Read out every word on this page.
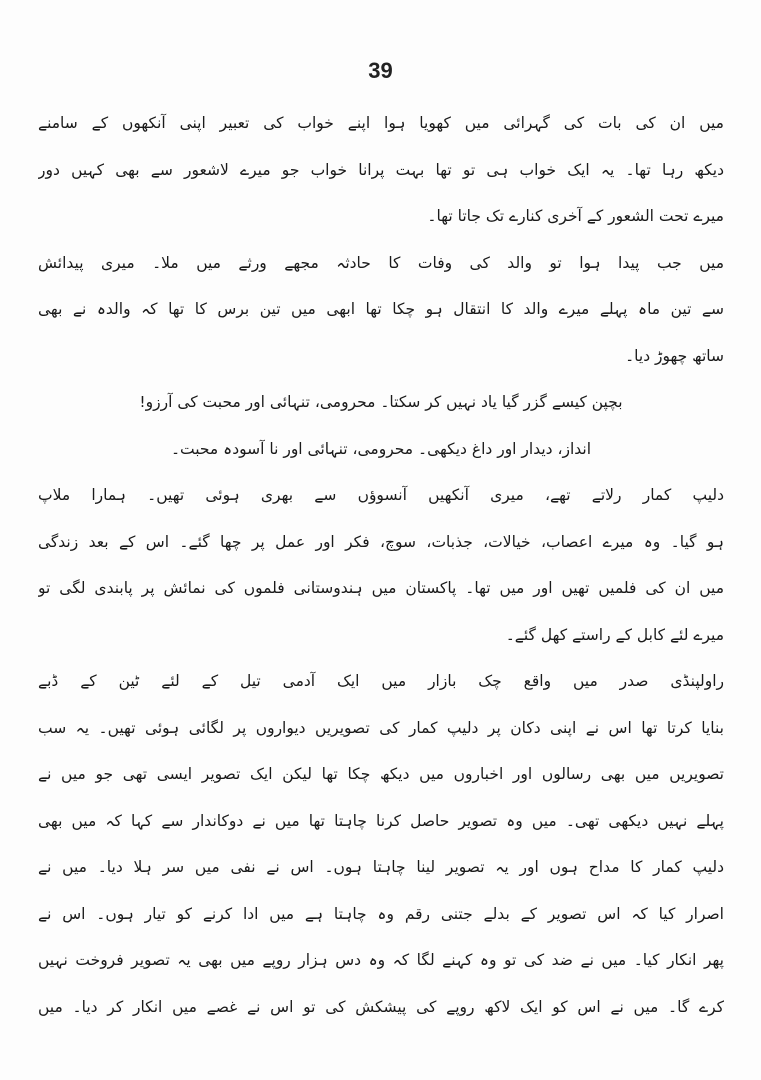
39
میں ان کی بات کی گہرائی میں کھویا ہوا اپنے خواب کی تعبیر اپنی آنکھوں کے سامنے
دیکھ رہا تھا۔ یہ ایک خواب ہی تو تھا بہت پرانا خواب جو میرے لاشعور سے بھی کہیں دور
میرے تحت الشعور کے آخری کنارے تک جاتا تھا۔
میں جب پیدا ہوا تو والد کی وفات کا حادثہ مجھے ورثے میں ملا۔ میری پیدائش
سے تین ماہ پہلے میرے والد کا انتقال ہو چکا تھا ابھی میں تین برس کا تھا کہ والدہ نے بھی
ساتھ چھوڑ دیا۔
بچپن کیسے گزر گیا یاد نہیں کر سکتا۔ محرومی، تنہائی اور محبت کی آرزو!
انداز، دیدار اور داغ دیکھی۔ محرومی، تنہائی اور نا آسودہ محبت۔
دلیپ کمار رلاتے تھے، میری آنکھیں آنسوؤں سے بھری ہوئی تھیں۔ ہمارا ملاپ
ہو گیا۔ وہ میرے اعصاب، خیالات، جذبات، سوچ، فکر اور عمل پر چھا گئے۔ اس کے بعد زندگی
میں ان کی فلمیں تھیں اور میں تھا۔ پاکستان میں ہندوستانی فلموں کی نمائش پر پابندی لگی تو
میرے لئے کابل کے راستے کھل گئے۔
راولپنڈی صدر میں واقع چک بازار میں ایک آدمی تیل کے لئے ٹین کے ڈبے
بنایا کرتا تھا اس نے اپنی دکان پر دلیپ کمار کی تصویریں دیواروں پر لگائی ہوئی تھیں۔ یہ سب
تصویریں میں بھی رسالوں اور اخباروں میں دیکھ چکا تھا لیکن ایک تصویر ایسی تھی جو میں نے
پہلے نہیں دیکھی تھی۔ میں وہ تصویر حاصل کرنا چاہتا تھا میں نے دوکاندار سے کہا کہ میں بھی
دلیپ کمار کا مداح ہوں اور یہ تصویر لینا چاہتا ہوں۔ اس نے نفی میں سر ہلا دیا۔ میں نے
اصرار کیا کہ اس تصویر کے بدلے جتنی رقم وہ چاہتا ہے میں ادا کرنے کو تیار ہوں۔ اس نے
پھر انکار کیا۔ میں نے ضد کی تو وہ کہنے لگا کہ وہ دس ہزار روپے میں بھی یہ تصویر فروخت نہیں
کرے گا۔ میں نے اس کو ایک لاکھ روپے کی پیشکش کی تو اس نے غصے میں انکار کر دیا۔ میں
